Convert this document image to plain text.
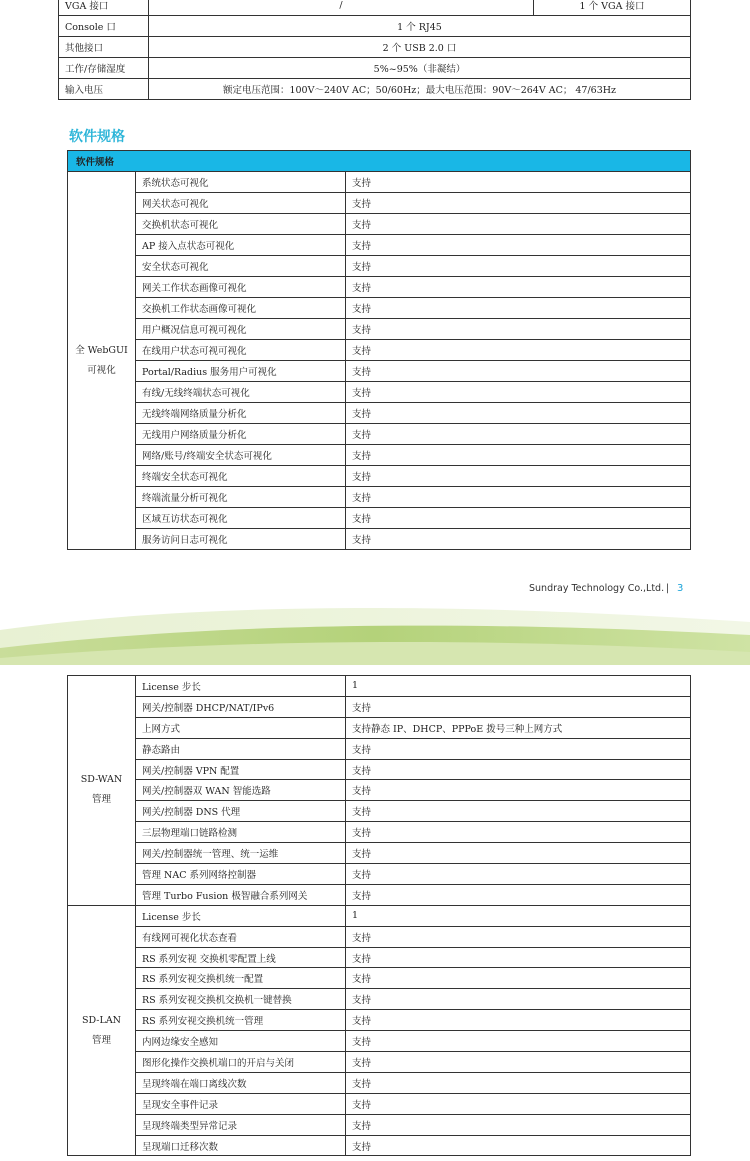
VGA 接口	/	1 个 VGA 接口
Console 口	1 个 RJ45	
其他接口	2 个 USB 2.0 口	
工作/存储湿度	5%~95%（非凝结）	
输入电压	额定电压范围：100V～240V AC；50/60Hz；最大电压范围：90V～264V AC； 47/63Hz	
软件规格
软件规格		

全 WebGUI
可视化	系统状态可视化	支持
	网关状态可视化	支持
	交换机状态可视化	支持
	AP 接入点状态可视化	支持
	安全状态可视化	支持
	网关工作状态画像可视化	支持
	交换机工作状态画像可视化	支持
	用户概况信息可视可视化	支持
	在线用户状态可视可视化	支持
	Portal/Radius 服务用户可视化	支持
	有线/无线终端状态可视化	支持
	无线终端网络质量分析化	支持
	无线用户网络质量分析化	支持
	网络/账号/终端安全状态可视化	支持
	终端安全状态可视化	支持
	终端流量分析可视化	支持
	区域互访状态可视化	支持
	服务访问日志可视化	支持
Sundray Technology Co.,Ltd. | 3
SD-WAN
管理	License 步长	1
	网关/控制器 DHCP/NAT/IPv6	支持
	上网方式	支持静态 IP、DHCP、PPPoE 拨号三种上网方式
	静态路由	支持
	网关/控制器 VPN 配置	支持
	网关/控制器双 WAN 智能选路	支持
	网关/控制器 DNS 代理	支持
	三层物理端口链路检测	支持
	网关/控制器统一管理、统一运维	支持
	管理 NAC 系列网络控制器	支持
	管理 Turbo Fusion 极智融合系列网关	支持

SD-LAN
管理	License 步长	1
	有线网可视化状态查看	支持
	RS 系列安视 交换机零配置上线	支持
	RS 系列安视交换机统一配置	支持
	RS 系列安视交换机交换机一键替换	支持
	RS 系列安视交换机统一管理	支持
	内网边缘安全感知	支持
	图形化操作交换机端口的开启与关闭	支持
	呈现终端在端口离线次数	支持
	呈现安全事件记录	支持
	呈现终端类型异常记录	支持
	呈现端口迁移次数	支持
